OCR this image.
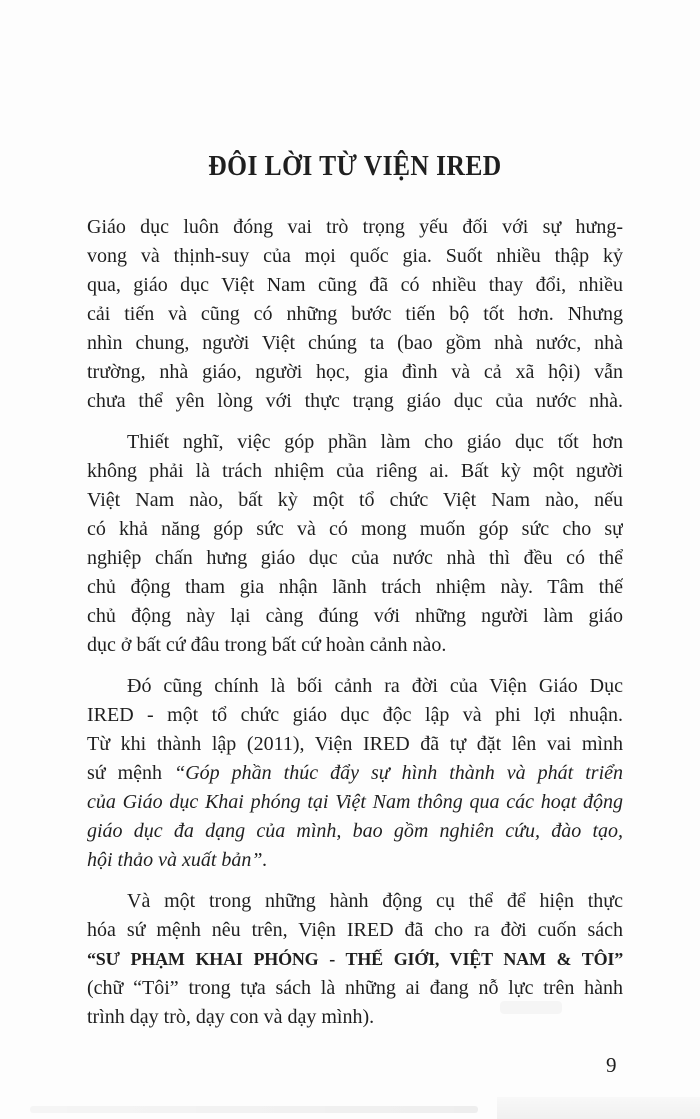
ĐÔI LỜI TỪ VIỆN IRED
Giáo dục luôn đóng vai trò trọng yếu đối với sự hưng-
vong và thịnh-suy của mọi quốc gia. Suốt nhiều thập kỷ
qua, giáo dục Việt Nam cũng đã có nhiều thay đổi, nhiều
cải tiến và cũng có những bước tiến bộ tốt hơn. Nhưng
nhìn chung, người Việt chúng ta (bao gồm nhà nước, nhà
trường, nhà giáo, người học, gia đình và cả xã hội) vẫn
chưa thể yên lòng với thực trạng giáo dục của nước nhà.
Thiết nghĩ, việc góp phần làm cho giáo dục tốt hơn
không phải là trách nhiệm của riêng ai. Bất kỳ một người
Việt Nam nào, bất kỳ một tổ chức Việt Nam nào, nếu
có khả năng góp sức và có mong muốn góp sức cho sự
nghiệp chấn hưng giáo dục của nước nhà thì đều có thể
chủ động tham gia nhận lãnh trách nhiệm này. Tâm thế
chủ động này lại càng đúng với những người làm giáo
dục ở bất cứ đâu trong bất cứ hoàn cảnh nào.
Đó cũng chính là bối cảnh ra đời của Viện Giáo Dục
IRED - một tổ chức giáo dục độc lập và phi lợi nhuận.
Từ khi thành lập (2011), Viện IRED đã tự đặt lên vai mình
sứ mệnh “Góp phần thúc đẩy sự hình thành và phát triển
của Giáo dục Khai phóng tại Việt Nam thông qua các hoạt động
giáo dục đa dạng của mình, bao gồm nghiên cứu, đào tạo,
hội thảo và xuất bản”.
Và một trong những hành động cụ thể để hiện thực
hóa sứ mệnh nêu trên, Viện IRED đã cho ra đời cuốn sách
“SƯ PHẠM KHAI PHÓNG - THẾ GIỚI, VIỆT NAM & TÔI”
(chữ “Tôi” trong tựa sách là những ai đang nỗ lực trên hành
trình dạy trò, dạy con và dạy mình).
9
